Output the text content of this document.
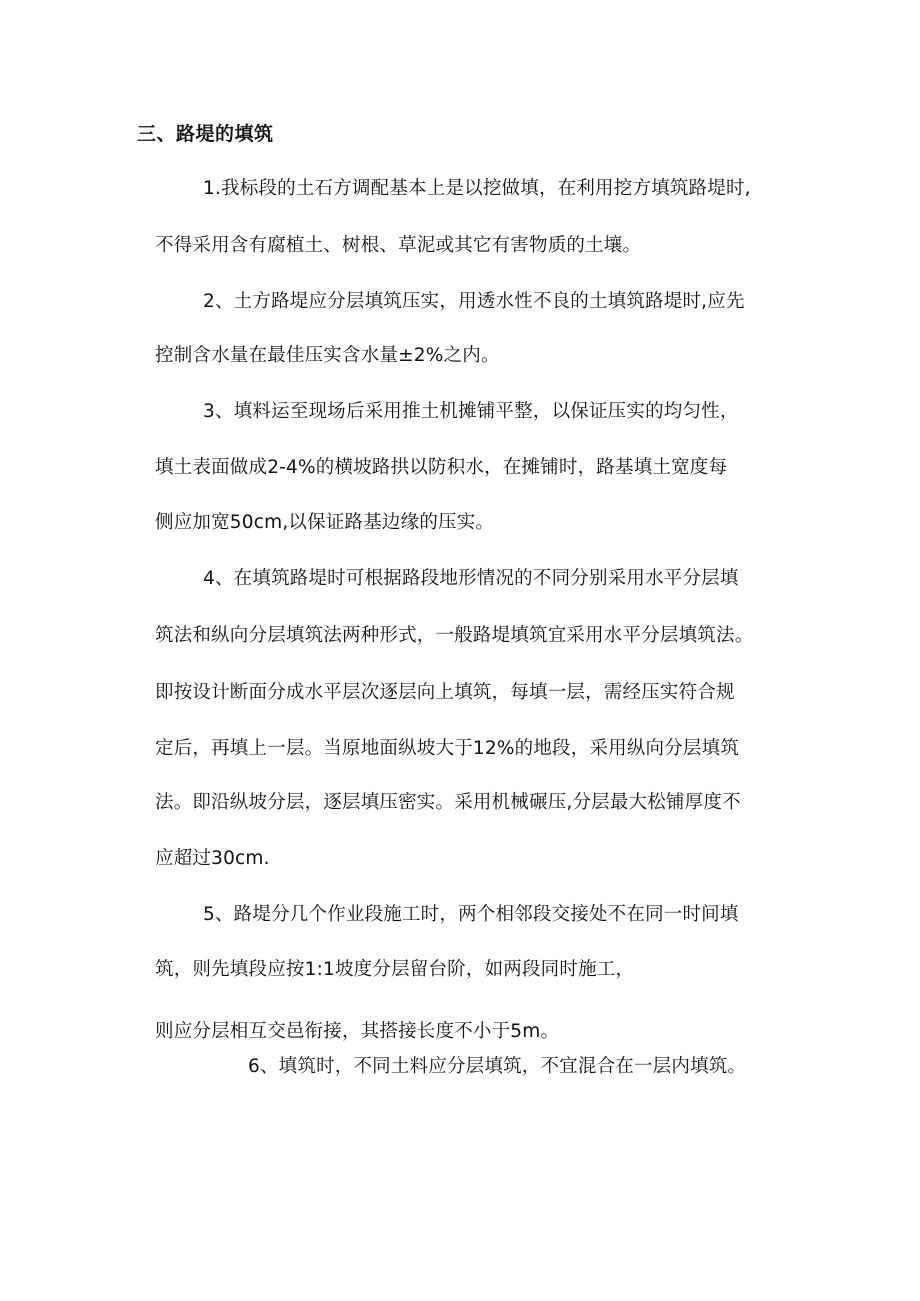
三、路堤的填筑
1.我标段的土石方调配基本上是以挖做填，在利用挖方填筑路堤时,
不得采用含有腐植土、树根、草泥或其它有害物质的土壤。
2、土方路堤应分层填筑压实，用透水性不良的土填筑路堤时,应先
控制含水量在最佳压实含水量±2%之内。
3、填料运至现场后采用推土机摊铺平整，以保证压实的均匀性，
填土表面做成2-4%的横坡路拱以防积水，在摊铺时，路基填土宽度每
侧应加宽50cm,以保证路基边缘的压实。
4、在填筑路堤时可根据路段地形情况的不同分别采用水平分层填
筑法和纵向分层填筑法两种形式，一般路堤填筑宜采用水平分层填筑法。
即按设计断面分成水平层次逐层向上填筑，每填一层，需经压实符合规
定后，再填上一层。当原地面纵坡大于12%的地段，采用纵向分层填筑
法。即沿纵坡分层，逐层填压密实。采用机械碾压,分层最大松铺厚度不
应超过30cm.
5、路堤分几个作业段施工时，两个相邻段交接处不在同一时间填
筑，则先填段应按1:1坡度分层留台阶，如两段同时施工，
则应分层相互交邑衔接，其搭接长度不小于5m。
6、填筑时，不同土料应分层填筑，不宜混合在一层内填筑。
